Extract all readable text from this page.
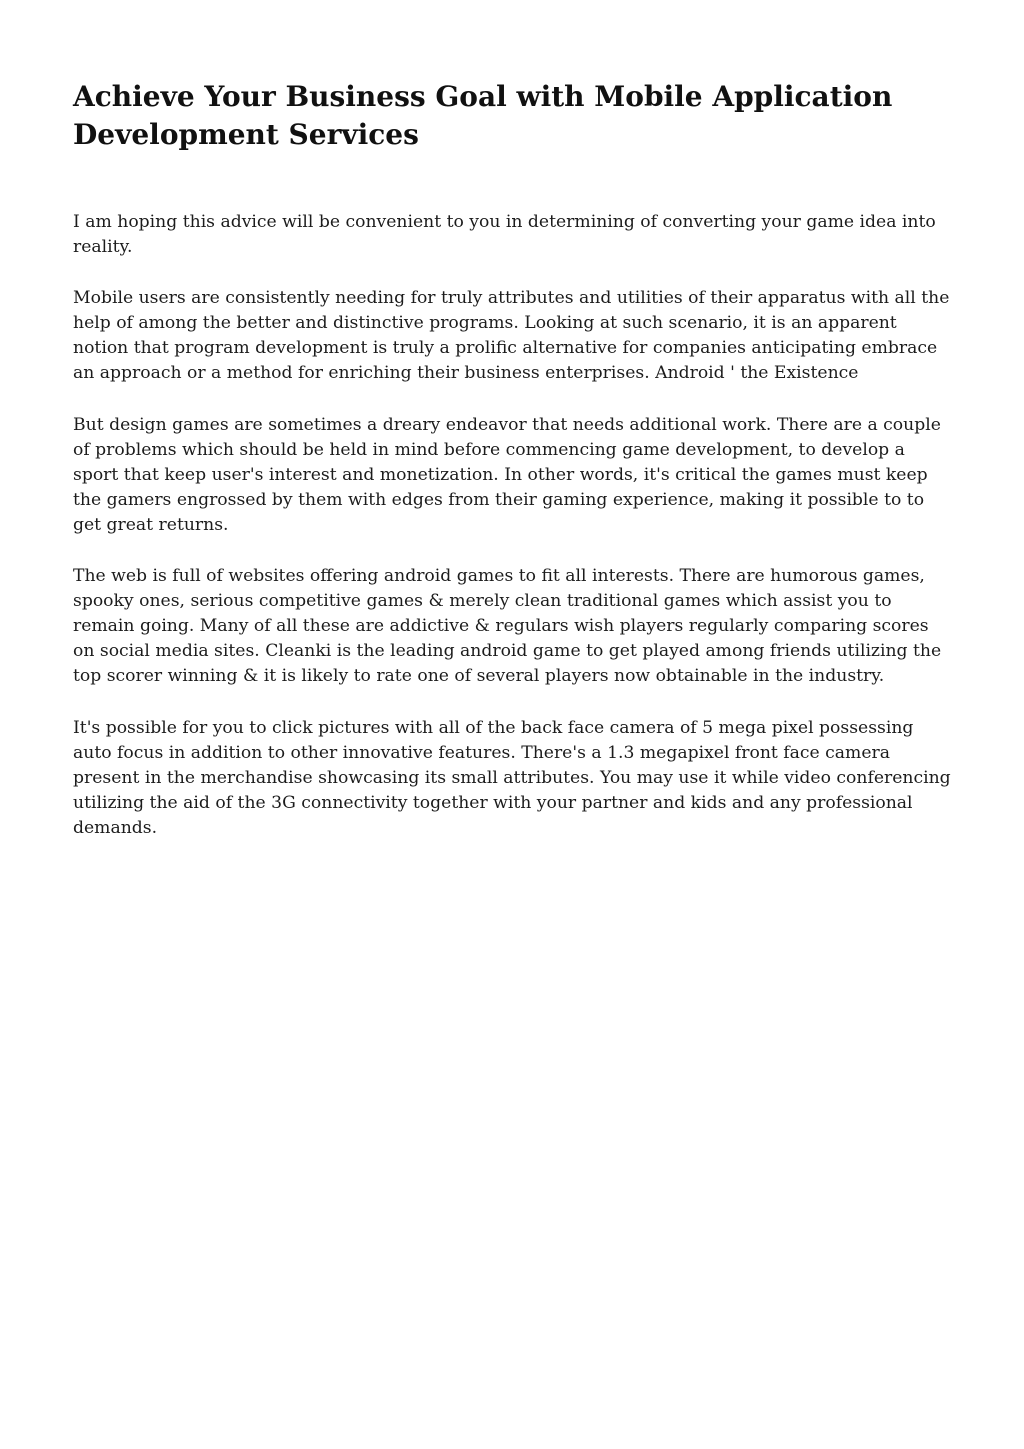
Achieve Your Business Goal with Mobile Application Development Services

I am hoping this advice will be convenient to you in determining of converting your game idea into reality.

Mobile users are consistently needing for truly attributes and utilities of their apparatus with all the help of among the better and distinctive programs. Looking at such scenario, it is an apparent notion that program development is truly a prolific alternative for companies anticipating embrace an approach or a method for enriching their business enterprises. Android ' the Existence

But design games are sometimes a dreary endeavor that needs additional work. There are a couple of problems which should be held in mind before commencing game development, to develop a sport that keep user's interest and monetization. In other words, it's critical the games must keep the gamers engrossed by them with edges from their gaming experience, making it possible to to get great returns.

The web is full of websites offering android games to fit all interests. There are humorous games, spooky ones, serious competitive games & merely clean traditional games which assist you to remain going. Many of all these are addictive & regulars wish players regularly comparing scores on social media sites. Cleanki is the leading android game to get played among friends utilizing the top scorer winning & it is likely to rate one of several players now obtainable in the industry.

It's possible for you to click pictures with all of the back face camera of 5 mega pixel possessing auto focus in addition to other innovative features. There's a 1.3 megapixel front face camera present in the merchandise showcasing its small attributes. You may use it while video conferencing utilizing the aid of the 3G connectivity together with your partner and kids and any professional demands.
